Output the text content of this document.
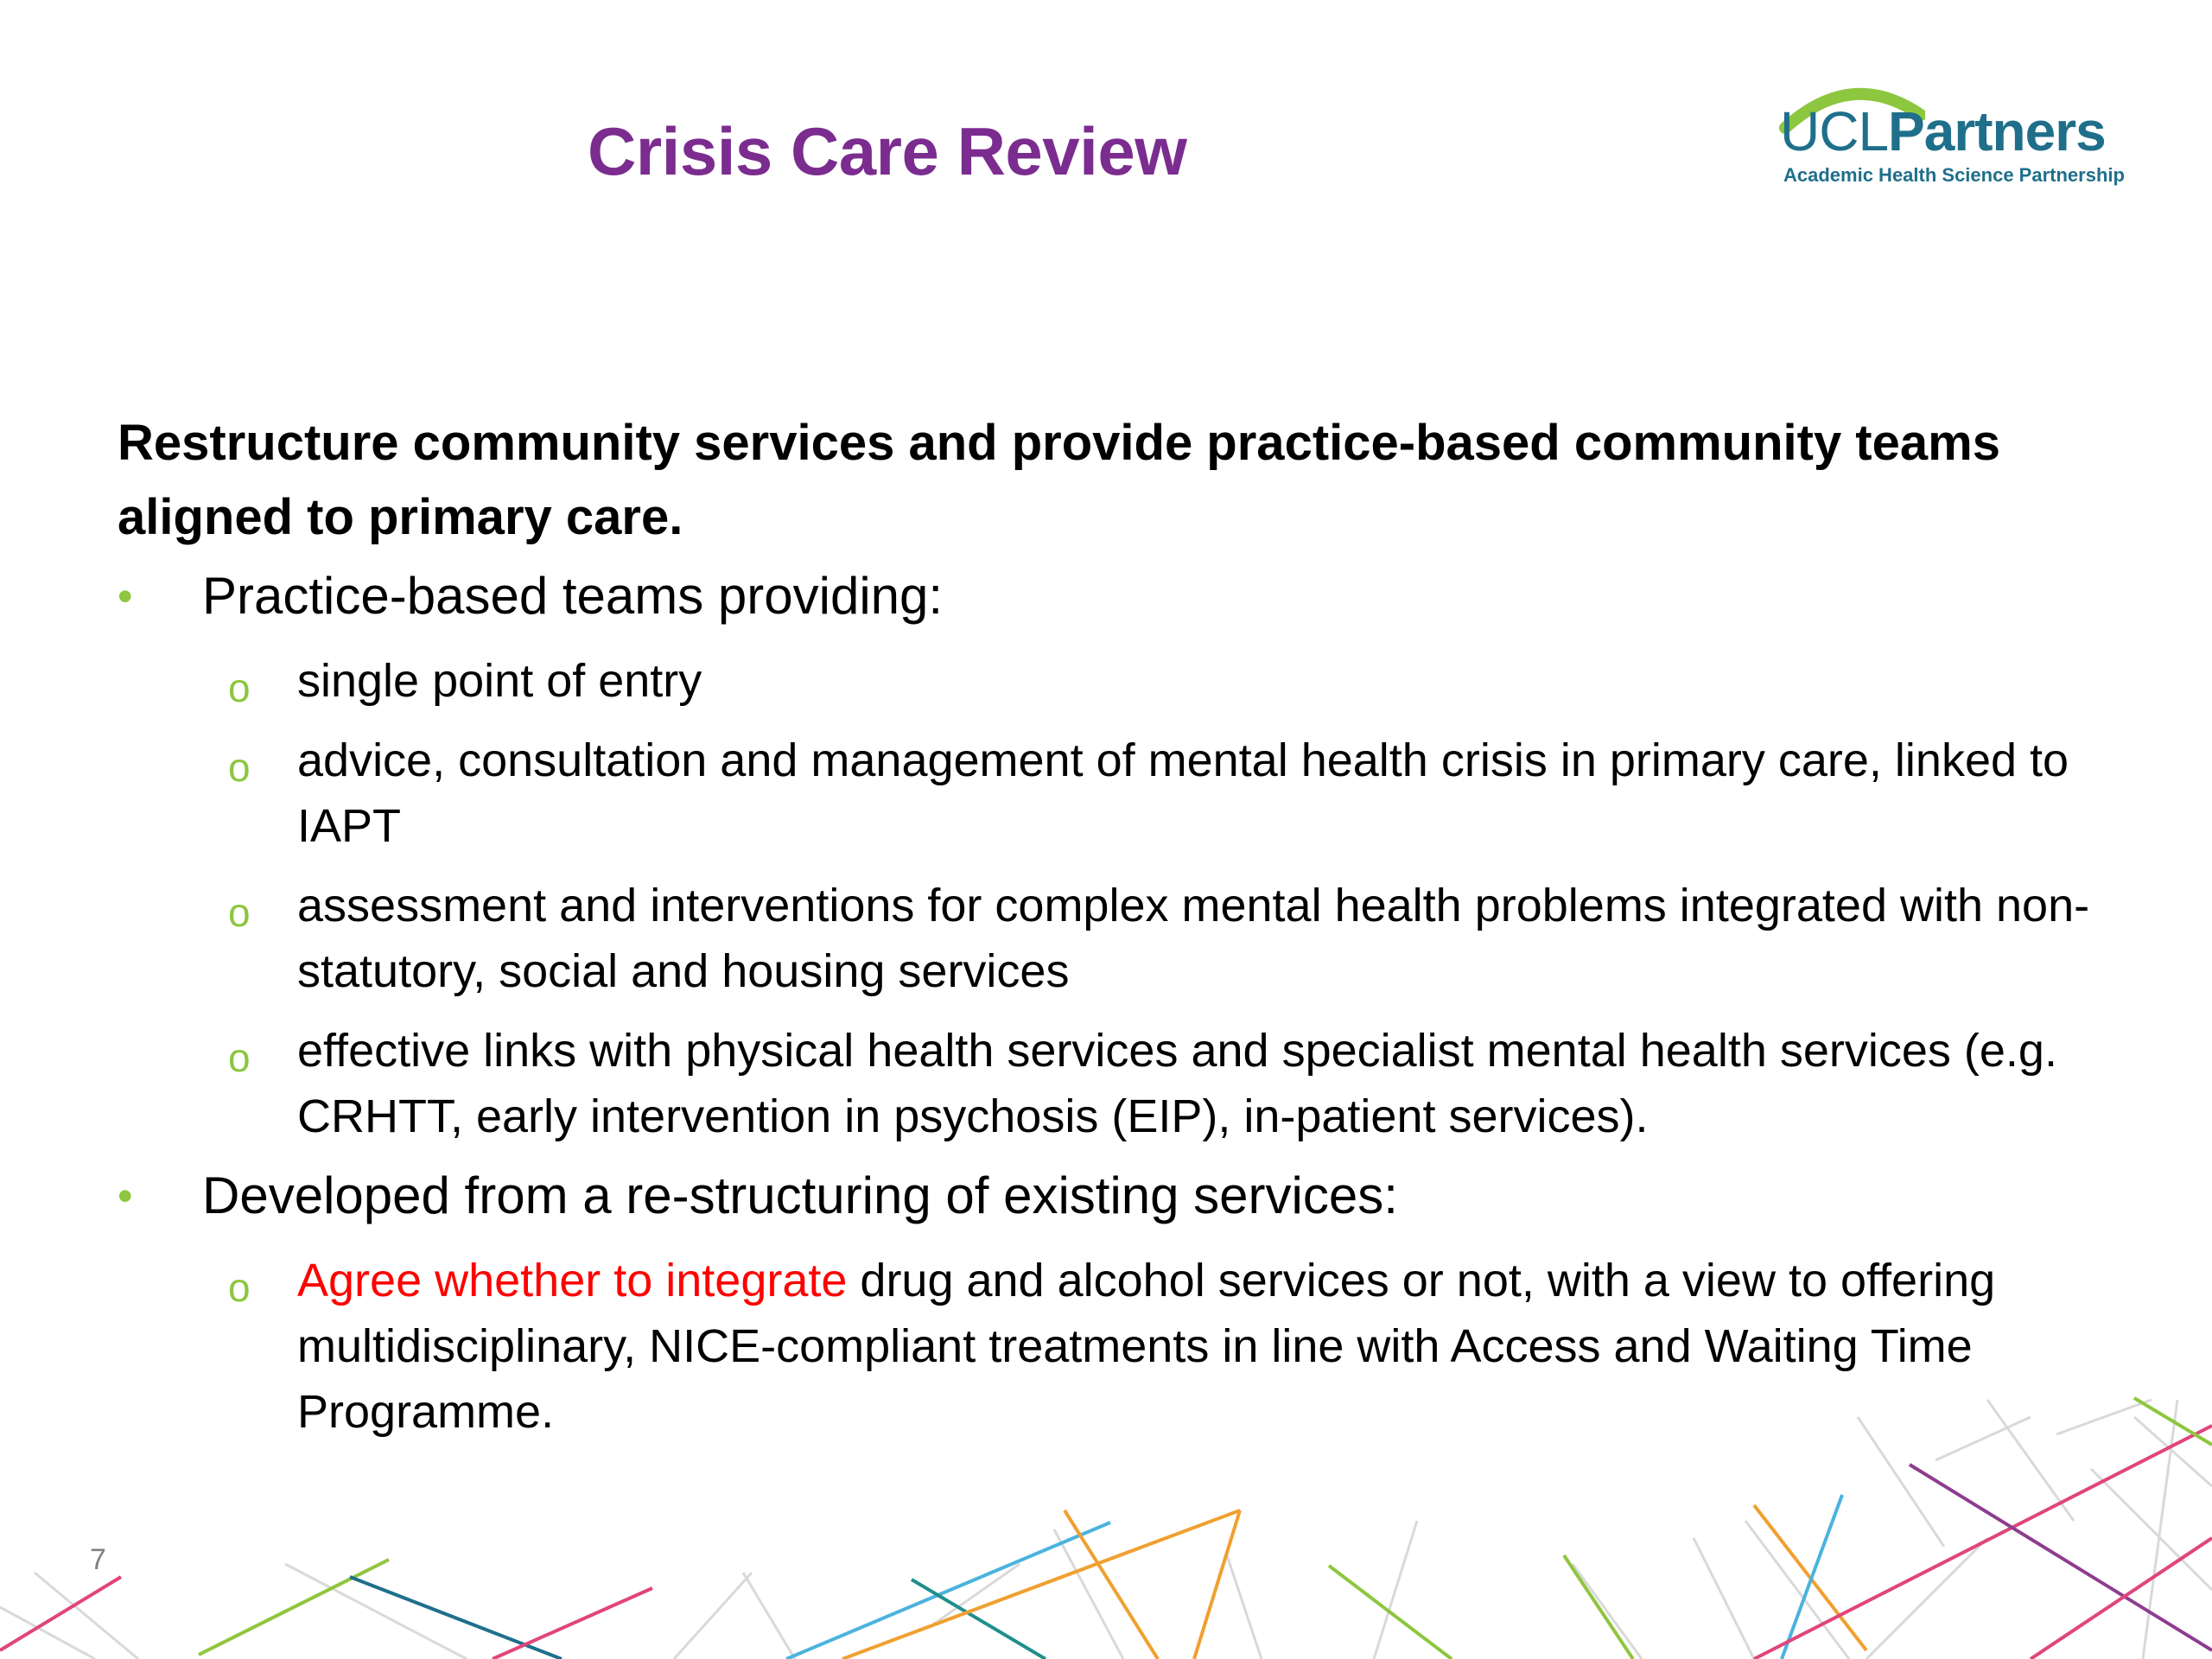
Crisis Care Review	UCLPartners
Academic Health Science Partnership
Restructure community services and provide practice-based community teams aligned to primary care.
• Practice-based teams providing:
o single point of entry
o advice, consultation and management of mental health crisis in primary care, linked to IAPT
o assessment and interventions for complex mental health problems integrated with non-statutory, social and housing services
o effective links with physical health services and specialist mental health services (e.g. CRHTT, early intervention in psychosis (EIP), in-patient services).
• Developed from a re-structuring of existing services:
o Agree whether to integrate drug and alcohol services or not, with a view to offering multidisciplinary, NICE-compliant treatments in line with Access and Waiting Time Programme.
7
